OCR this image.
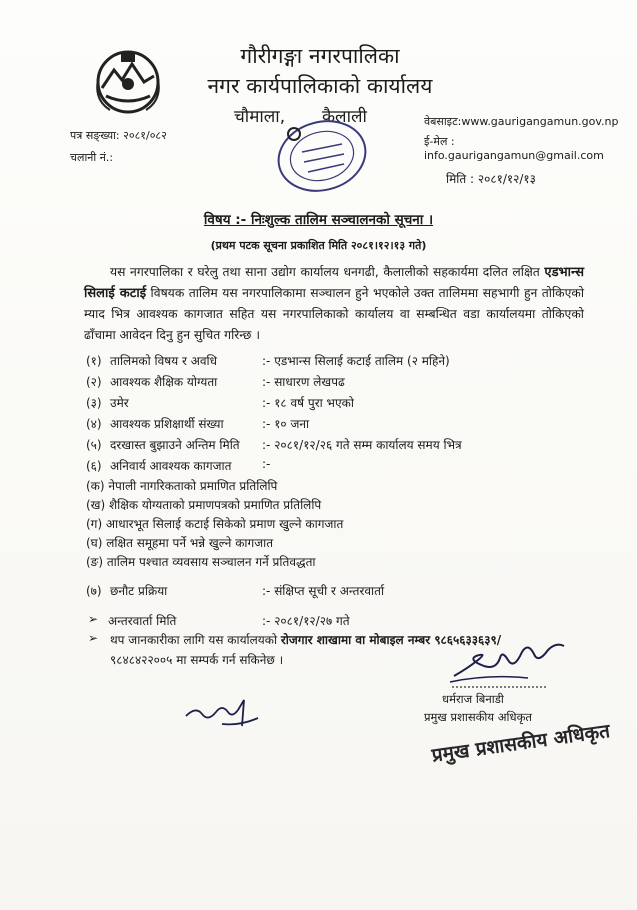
गौरीगङ्गा नगरपालिका
नगर कार्यपालिकाको कार्यालय
चौमाला, कैलाली
पत्र सङ्ख्या: २०८१/०८२
चलानी नं.:
वेबसाइट:www.gaurigangamun.gov.np
ई-मेल : info.gaurigangamun@gmail.com
मिति : २०८१/१२/१३
विषय :- निःशुल्क तालिम सञ्चालनको सूचना ।
(प्रथम पटक सूचना प्रकाशित मिति २०८१।१२।१३ गते)
यस नगरपालिका र घरेलु तथा साना उद्योग कार्यालय धनगढी, कैलालीको सहकार्यमा दलित लक्षित एडभान्स सिलाई कटाई विषयक तालिम यस नगरपालिकामा सञ्चालन हुने भएकोले उक्त तालिममा सहभागी हुन तोकिएको म्याद भित्र आवश्यक कागजात सहित यस नगरपालिकाको कार्यालय वा सम्बन्धित वडा कार्यालयमा तोकिएको ढाँचामा आवेदन दिनु हुन सुचित गरिन्छ ।
(१) तालिमको विषय र अवधि	:- एडभान्स सिलाई कटाई तालिम (२ महिने)
(२) आवश्यक शैक्षिक योग्यता	:- साधारण लेखपढ
(३) उमेर	:- १८ वर्ष पुरा भएको
(४) आवश्यक प्रशिक्षार्थी संख्या	:- १० जना
(५) दरखास्त बुझाउने अन्तिम मिति :- २०८१/१२/२६ गते सम्म कार्यालय समय भित्र
(६) अनिवार्य आवश्यक कागजात	:-
(क) नेपाली नागरिकताको प्रमाणित प्रतिलिपि
(ख) शैक्षिक योग्यताको प्रमाणपत्रको प्रमाणित प्रतिलिपि
(ग) आधारभूत सिलाई कटाई सिकेको प्रमाण खुल्ने कागजात
(घ) लक्षित समूहमा पर्ने भन्ने खुल्ने कागजात
(ङ) तालिम पश्चात व्यवसाय सञ्चालन गर्ने प्रतिवद्धता
(७) छनौट प्रक्रिया	:- संक्षिप्त सूची र अन्तरवार्ता
➢ अन्तरवार्ता मिति	:- २०८१/१२/२७ गते
➢ थप जानकारीका लागि यस कार्यालयको रोजगार शाखामा वा मोबाइल नम्बर ९८६५६३३६३९/
९८४८४२२००५ मा सम्पर्क गर्न सकिनेछ ।
धर्मराज बिनाडी
प्रमुख प्रशासकीय अधिकृत
प्रमुख प्रशासकीय अधिकृत
